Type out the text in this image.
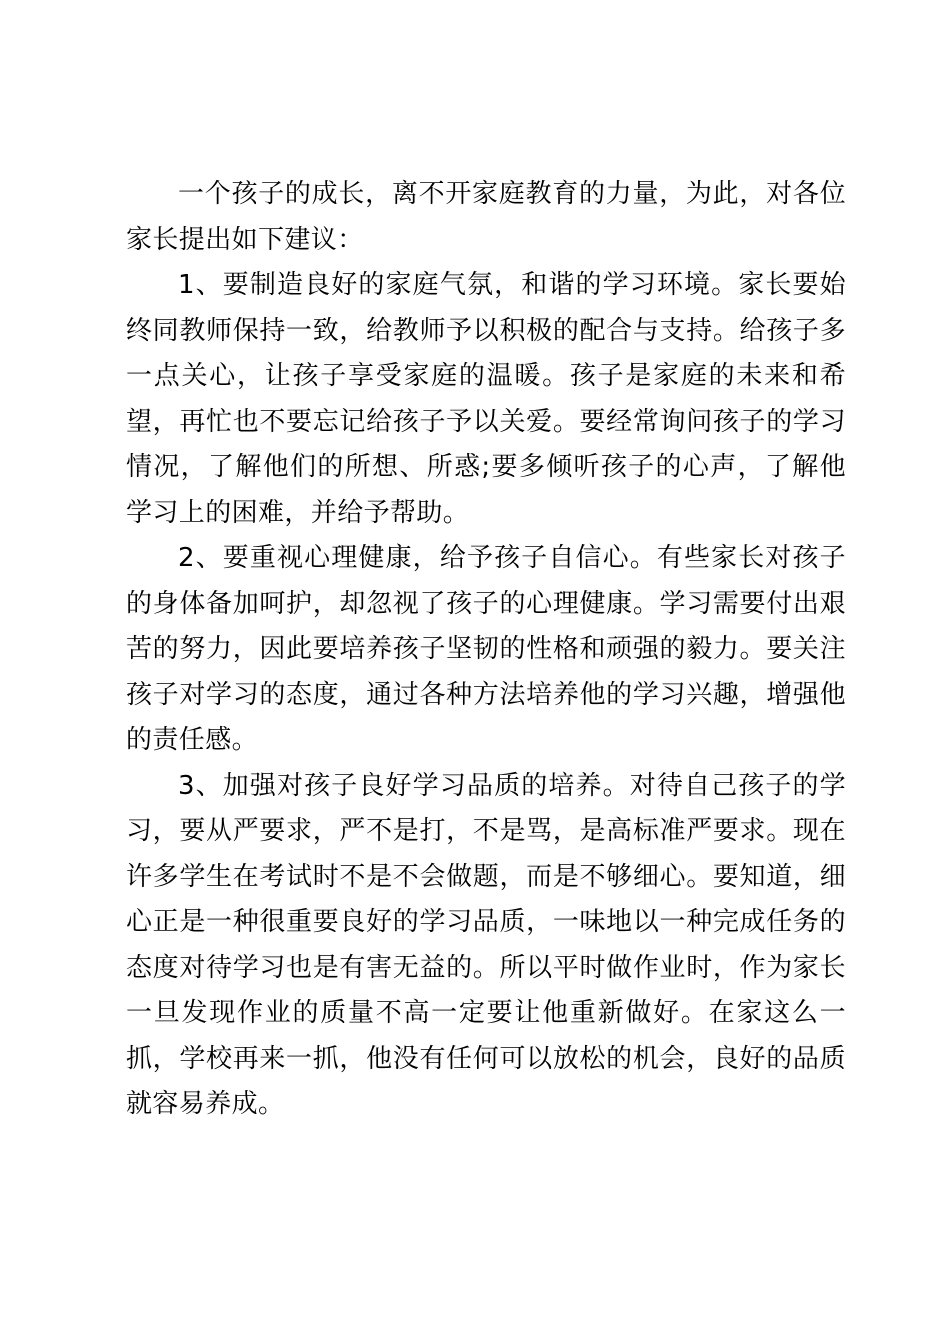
一个孩子的成长，离不开家庭教育的力量，为此，对各位家长提出如下建议：

1、要制造良好的家庭气氛，和谐的学习环境。家长要始终同教师保持一致，给教师予以积极的配合与支持。给孩子多一点关心，让孩子享受家庭的温暖。孩子是家庭的未来和希望，再忙也不要忘记给孩子予以关爱。要经常询问孩子的学习情况，了解他们的所想、所惑;要多倾听孩子的心声，了解他学习上的困难，并给予帮助。

2、要重视心理健康，给予孩子自信心。有些家长对孩子的身体备加呵护，却忽视了孩子的心理健康。学习需要付出艰苦的努力，因此要培养孩子坚韧的性格和顽强的毅力。要关注孩子对学习的态度，通过各种方法培养他的学习兴趣，增强他的责任感。

3、加强对孩子良好学习品质的培养。对待自己孩子的学习，要从严要求，严不是打，不是骂，是高标准严要求。现在许多学生在考试时不是不会做题，而是不够细心。要知道，细心正是一种很重要良好的学习品质，一味地以一种完成任务的态度对待学习也是有害无益的。所以平时做作业时，作为家长一旦发现作业的质量不高一定要让他重新做好。在家这么一抓，学校再来一抓，他没有任何可以放松的机会，良好的品质就容易养成。
